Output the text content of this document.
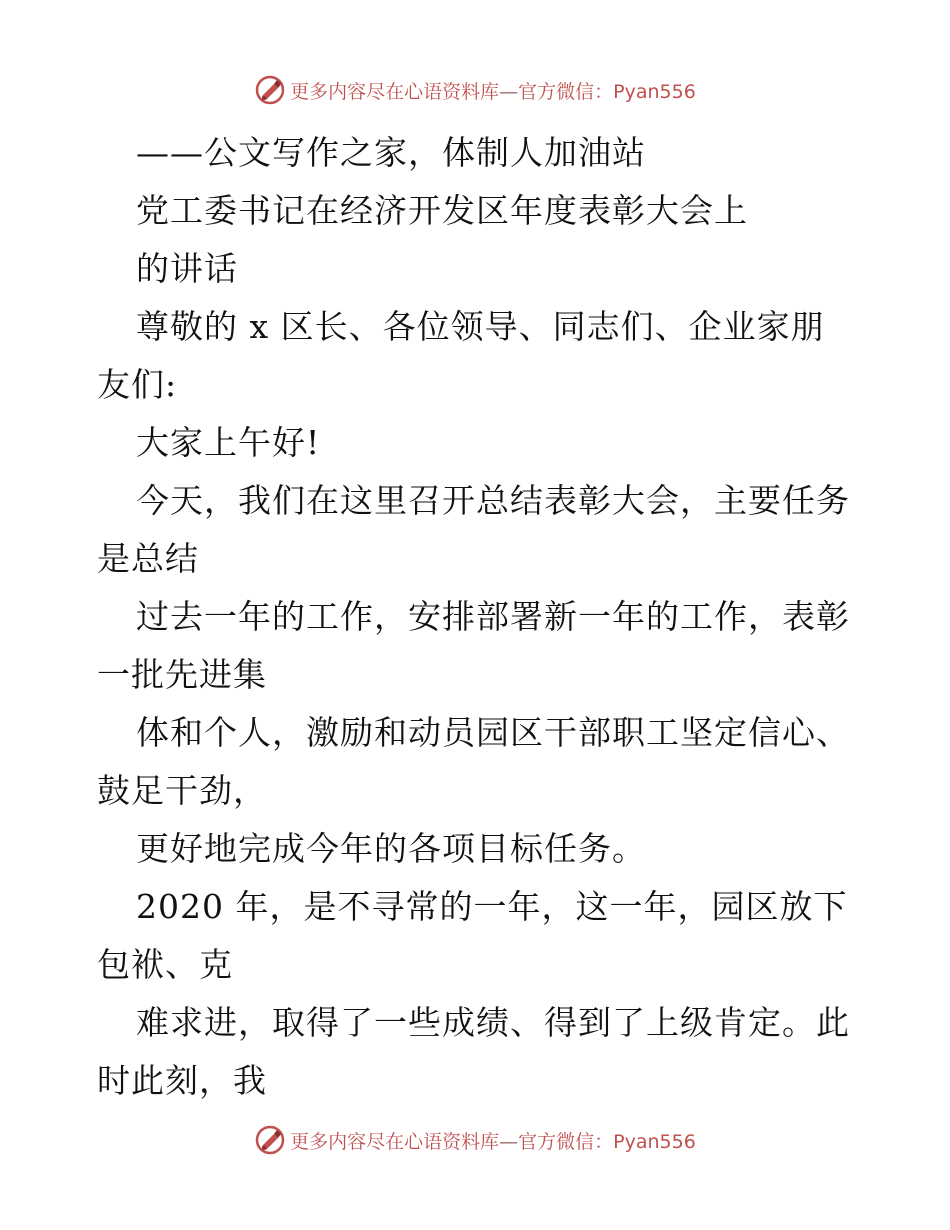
更多内容尽在心语资料库—官方微信：Pyan556
——公文写作之家，体制人加油站
党工委书记在经济开发区年度表彰大会上
的讲话
尊敬的 x 区长、各位领导、同志们、企业家朋
友们:
大家上午好!
今天，我们在这里召开总结表彰大会，主要任务
是总结
过去一年的工作，安排部署新一年的工作，表彰
一批先进集
体和个人，激励和动员园区干部职工坚定信心、
鼓足干劲，
更好地完成今年的各项目标任务。
2020 年，是不寻常的一年，这一年，园区放下
包袱、克
难求进，取得了一些成绩、得到了上级肯定。此
时此刻，我
更多内容尽在心语资料库—官方微信：Pyan556
